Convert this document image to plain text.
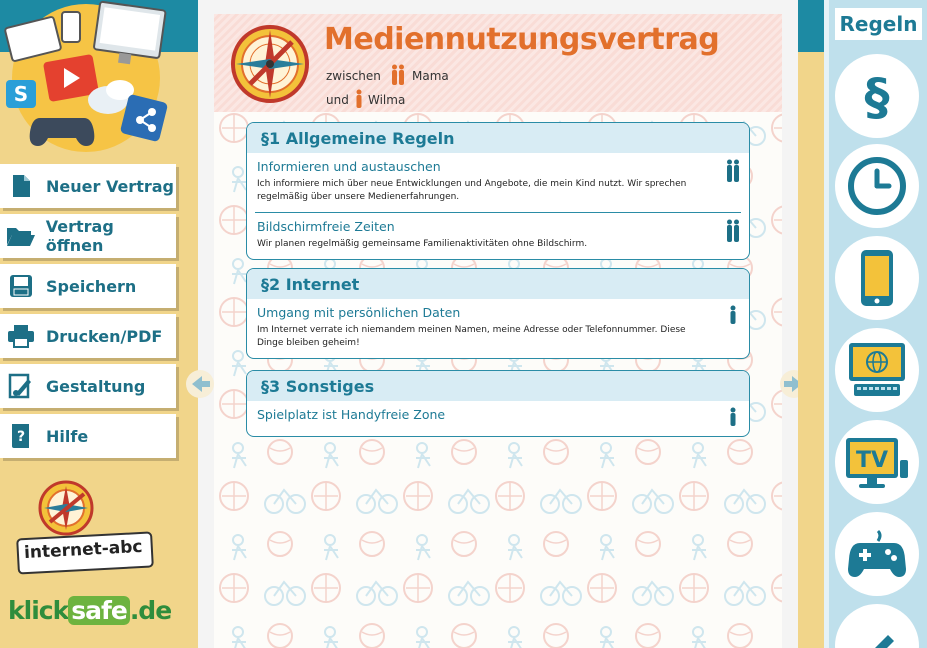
S
Neuer Vertrag
Vertrag öffnen
Speichern
Drucken/PDF
Gestaltung
? Hilfe
internet-abc
klick safe .de
Mediennutzungsvertrag
zwischen	Mama
und	Wilma
§1 Allgemeine Regeln
Informieren und austauschen
Ich informiere mich über neue Entwicklungen und Angebote, die mein Kind nutzt. Wir sprechen regelmäßig über unsere Medienerfahrungen.
Bildschirmfreie Zeiten
Wir planen regelmäßig gemeinsame Familienaktivitäten ohne Bildschirm.
§2 Internet
Umgang mit persönlichen Daten
Im Internet verrate ich niemandem meinen Namen, meine Adresse oder Telefonnummer. Diese Dinge bleiben geheim!
§3 Sonstiges
Spielplatz ist Handyfreie Zone
Regeln
§
TV
